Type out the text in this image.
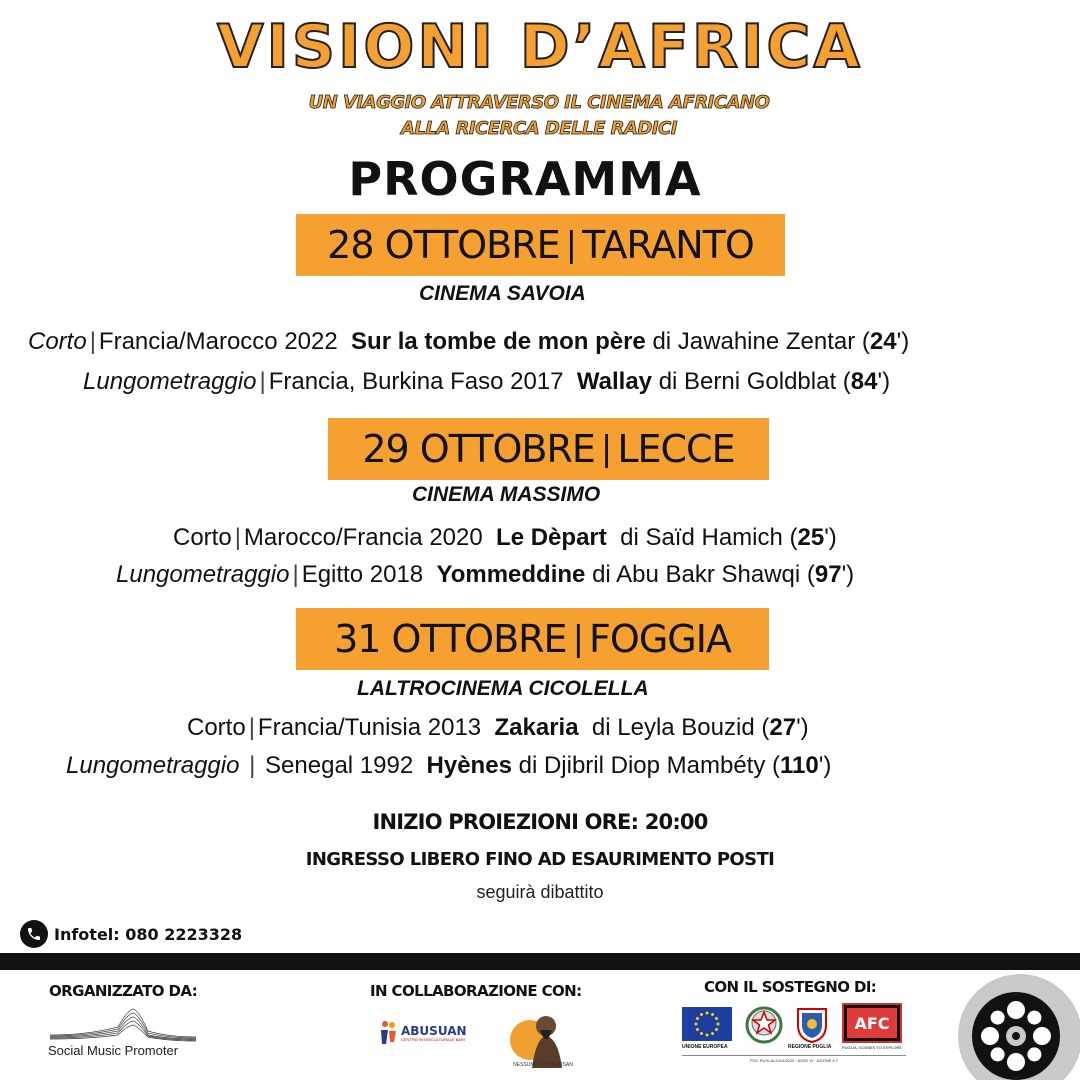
VISIONI D’AFRICA
UN VIAGGIO ATTRAVERSO IL CINEMA AFRICANO
ALLA RICERCA DELLE RADICI
PROGRAMMA
28 OTTOBRE | TARANTO
CINEMA SAVOIA
Corto | Francia/Marocco 2022 Sur la tombe de mon père di Jawahine Zentar (24')
Lungometraggio | Francia, Burkina Faso 2017 Wallay di Berni Goldblat (84')
29 OTTOBRE | LECCE
CINEMA MASSIMO
Corto | Marocco/Francia 2020 Le Dèpart di Saïd Hamich (25')
Lungometraggio | Egitto 2018 Yommeddine di Abu Bakr Shawqi (97')
31 OTTOBRE | FOGGIA
LALTROCINEMA CICOLELLA
Corto | Francia/Tunisia 2013 Zakaria di Leyla Bouzid (27')
Lungometraggio | Senegal 1992 Hyènes di Djibril Diop Mambéty (110')
INIZIO PROIEZIONI ORE: 20:00
INGRESSO LIBERO FINO AD ESAURIMENTO POSTI
seguirà dibattito
Infotel: 080 2223328
ORGANIZZATO DA:
Social Music Promoter
IN COLLABORAZIONE CON:
ABUSUAN
CENTRO INTERCULTURALE BARI
NESSUNO CON BORSAN
CON IL SOSTEGNO DI:
UNIONE EUROPEA	REGIONE PUGLIA
AFC
PUGLIA, SCENES TO EXPLORE
POC PUGLIA 2014/2020 · ASSE VI · AZIONE 6.7
